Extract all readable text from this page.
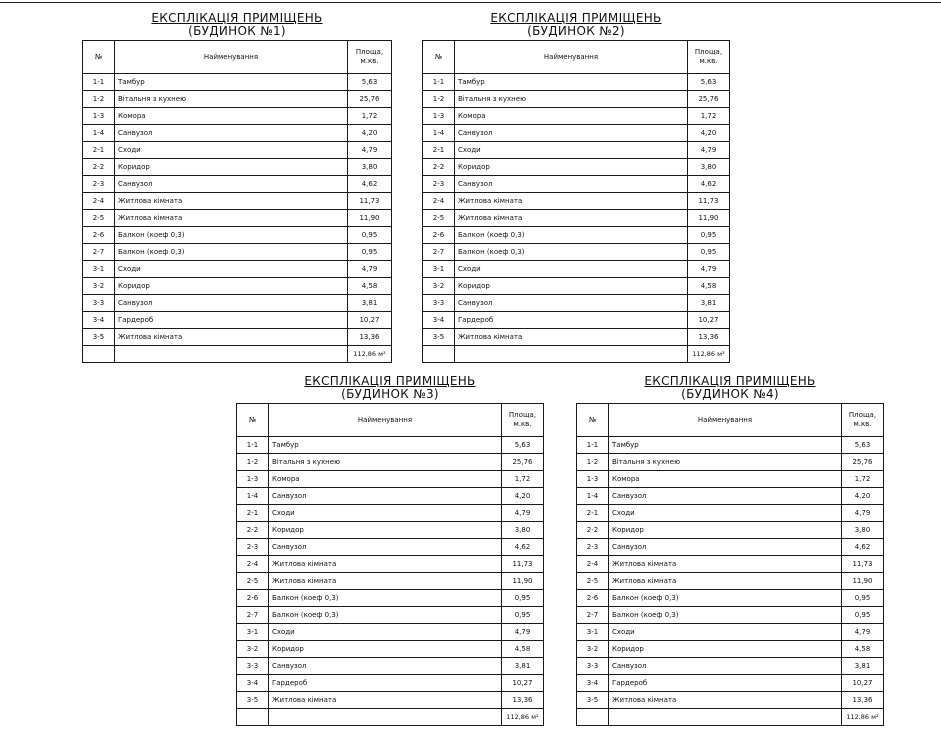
ЕКСПЛІКАЦІЯ ПРИМІЩЕНЬ
(БУДИНОК №1)
№	Найменування	Площа,
м.кв.

1-1	Тамбур	5,63
1-2	Вітальня з кухнею	25,76
1-3	Комора	1,72
1-4	Санвузол	4,20
2-1	Сходи	4,79
2-2	Коридор	3,80
2-3	Санвузол	4,62
2-4	Житлова кімната	11,73
2-5	Житлова кімната	11,90
2-6	Балкон (коеф 0,3)	0,95
2-7	Балкон (коеф 0,3)	0,95
3-1	Сходи	4,79
3-2	Коридор	4,58
3-3	Санвузол	3,81
3-4	Гардероб	10,27
3-5	Житлова кімната	13,36
		112,86 м²
ЕКСПЛІКАЦІЯ ПРИМІЩЕНЬ
(БУДИНОК №2)
№	Найменування	Площа,
м.кв.

1-1	Тамбур	5,63
1-2	Вітальня з кухнею	25,76
1-3	Комора	1,72
1-4	Санвузол	4,20
2-1	Сходи	4,79
2-2	Коридор	3,80
2-3	Санвузол	4,62
2-4	Житлова кімната	11,73
2-5	Житлова кімната	11,90
2-6	Балкон (коеф 0,3)	0,95
2-7	Балкон (коеф 0,3)	0,95
3-1	Сходи	4,79
3-2	Коридор	4,58
3-3	Санвузол	3,81
3-4	Гардероб	10,27
3-5	Житлова кімната	13,36
		112,86 м²
ЕКСПЛІКАЦІЯ ПРИМІЩЕНЬ
(БУДИНОК №3)
№	Найменування	Площа,
м.кв.

1-1	Тамбур	5,63
1-2	Вітальня з кухнею	25,76
1-3	Комора	1,72
1-4	Санвузол	4,20
2-1	Сходи	4,79
2-2	Коридор	3,80
2-3	Санвузол	4,62
2-4	Житлова кімната	11,73
2-5	Житлова кімната	11,90
2-6	Балкон (коеф 0,3)	0,95
2-7	Балкон (коеф 0,3)	0,95
3-1	Сходи	4,79
3-2	Коридор	4,58
3-3	Санвузол	3,81
3-4	Гардероб	10,27
3-5	Житлова кімната	13,36
		112,86 м²
ЕКСПЛІКАЦІЯ ПРИМІЩЕНЬ
(БУДИНОК №4)
№	Найменування	Площа,
м.кв.

1-1	Тамбур	5,63
1-2	Вітальня з кухнею	25,76
1-3	Комора	1,72
1-4	Санвузол	4,20
2-1	Сходи	4,79
2-2	Коридор	3,80
2-3	Санвузол	4,62
2-4	Житлова кімната	11,73
2-5	Житлова кімната	11,90
2-6	Балкон (коеф 0,3)	0,95
2-7	Балкон (коеф 0,3)	0,95
3-1	Сходи	4,79
3-2	Коридор	4,58
3-3	Санвузол	3,81
3-4	Гардероб	10,27
3-5	Житлова кімната	13,36
		112,86 м²
